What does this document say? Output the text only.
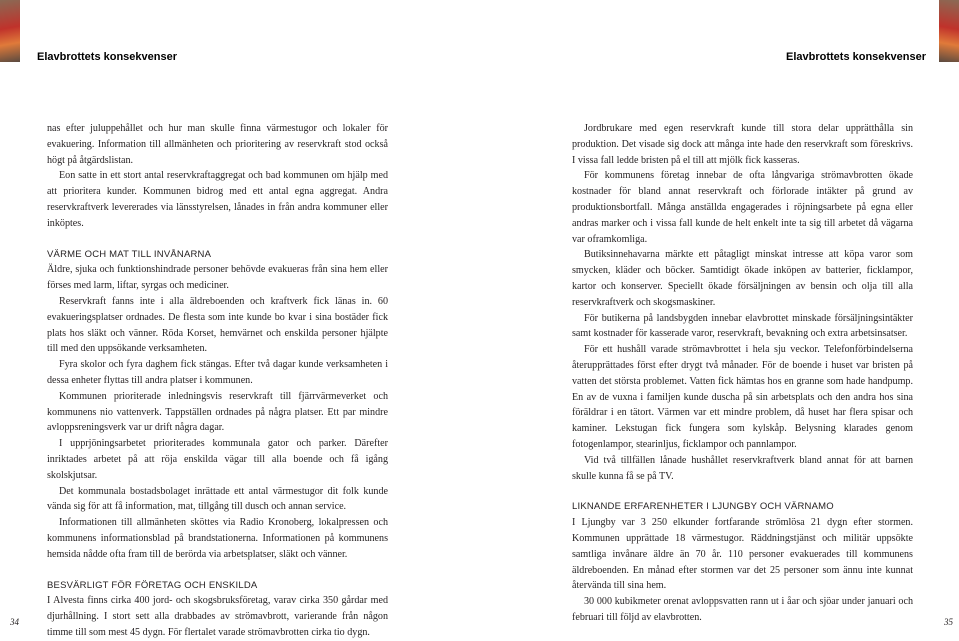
Elavbrottets konsekvenser	Elavbrottets konsekvenser

nas efter juluppehållet och hur man skulle finna värmestugor och lokaler för evakuering. Information till allmänheten och prioritering av reservkraft stod också högt på åtgärdslistan.

Eon satte in ett stort antal reservkraftaggregat och bad kommunen om hjälp med att prioritera kunder. Kommunen bidrog med ett antal egna aggregat. Andra reservkraftverk levererades via länsstyrelsen, lånades in från andra kommuner eller inköptes.

VÄRME OCH MAT TILL INVÅNARNA

Äldre, sjuka och funktionshindrade personer behövde evakueras från sina hem eller förses med larm, liftar, syrgas och mediciner.

Reservkraft fanns inte i alla äldreboenden och kraftverk fick länas in. 60 evakueringsplatser ordnades. De flesta som inte kunde bo kvar i sina bostäder fick plats hos släkt och vänner. Röda Korset, hemvärnet och enskilda personer hjälpte till med den uppsökande verksamheten.

Fyra skolor och fyra daghem fick stängas. Efter två dagar kunde verksamheten i dessa enheter flyttas till andra platser i kommunen.

Kommunen prioriterade inledningsvis reservkraft till fjärrvärmeverket och kommunens nio vattenverk. Tappställen ordnades på några platser. Ett par mindre avloppsreningsverk var ur drift några dagar.

I upprjöningsarbetet prioriterades kommunala gator och parker. Därefter inriktades arbetet på att röja enskilda vägar till alla boende och få igång skolskjutsar.

Det kommunala bostadsbolaget inrättade ett antal värmestugor dit folk kunde vända sig för att få information, mat, tillgång till dusch och annan service.

Informationen till allmänheten sköttes via Radio Kronoberg, lokalpressen och kommunens informationsblad på brandstationerna. Informationen på kommunens hemsida nådde ofta fram till de berörda via arbetsplatser, släkt och vänner.

BESVÄRLIGT FÖR FÖRETAG OCH ENSKILDA

I Alvesta finns cirka 400 jord- och skogsbruksföretag, varav cirka 350 gårdar med djurhållning. I stort sett alla drabbades av strömavbrott, varierande från någon timme till som mest 45 dygn. För flertalet varade strömavbrotten cirka tio dygn.

Jordbrukare med egen reservkraft kunde till stora delar upprätthålla sin produktion. Det visade sig dock att många inte hade den reservkraft som föreskrivs. I vissa fall ledde bristen på el till att mjölk fick kasseras.

För kommunens företag innebar de ofta långvariga strömavbrotten ökade kostnader för bland annat reservkraft och förlorade intäkter på grund av produktionsbortfall. Många anställda engagerades i röjningsarbete på egna eller andras marker och i vissa fall kunde de helt enkelt inte ta sig till arbetet då vägarna var oframkomliga.

Butiksinnehavarna märkte ett påtagligt minskat intresse att köpa varor som smycken, kläder och böcker. Samtidigt ökade inköpen av batterier, ficklampor, kartor och konserver. Speciellt ökade försäljningen av bensin och olja till alla reservkraftverk och skogsmaskiner.

För butikerna på landsbygden innebar elavbrottet minskade försäljningsintäkter samt kostnader för kasserade varor, reservkraft, bevakning och extra arbetsinsatser.

För ett hushåll varade strömavbrottet i hela sju veckor. Telefonförbindelserna återupprättades först efter drygt två månader. För de boende i huset var bristen på vatten det största problemet. Vatten fick hämtas hos en granne som hade handpump. En av de vuxna i familjen kunde duscha på sin arbetsplats och den andra hos sina föräldrar i en tätort. Värmen var ett mindre problem, då huset har flera spisar och kaminer. Lekstugan fick fungera som kylskåp. Belysning klarades genom fotogenlampor, stearinljus, ficklampor och pannlampor.

Vid två tillfällen lånade hushållet reservkraftverk bland annat för att barnen skulle kunna få se på TV.

LIKNANDE ERFARENHETER I LJUNGBY OCH VÄRNAMO

I Ljungby var 3 250 elkunder fortfarande strömlösa 21 dygn efter stormen. Kommunen upprättade 18 värmestugor. Räddningstjänst och militär uppsökte samtliga invånare äldre än 70 år. 110 personer evakuerades till kommunens äldreboenden. En månad efter stormen var det 25 personer som ännu inte kunnat återvända till sina hem.

30 000 kubikmeter orenat avloppsvatten rann ut i åar och sjöar under januari och februari till följd av elavbrotten.

34	35
